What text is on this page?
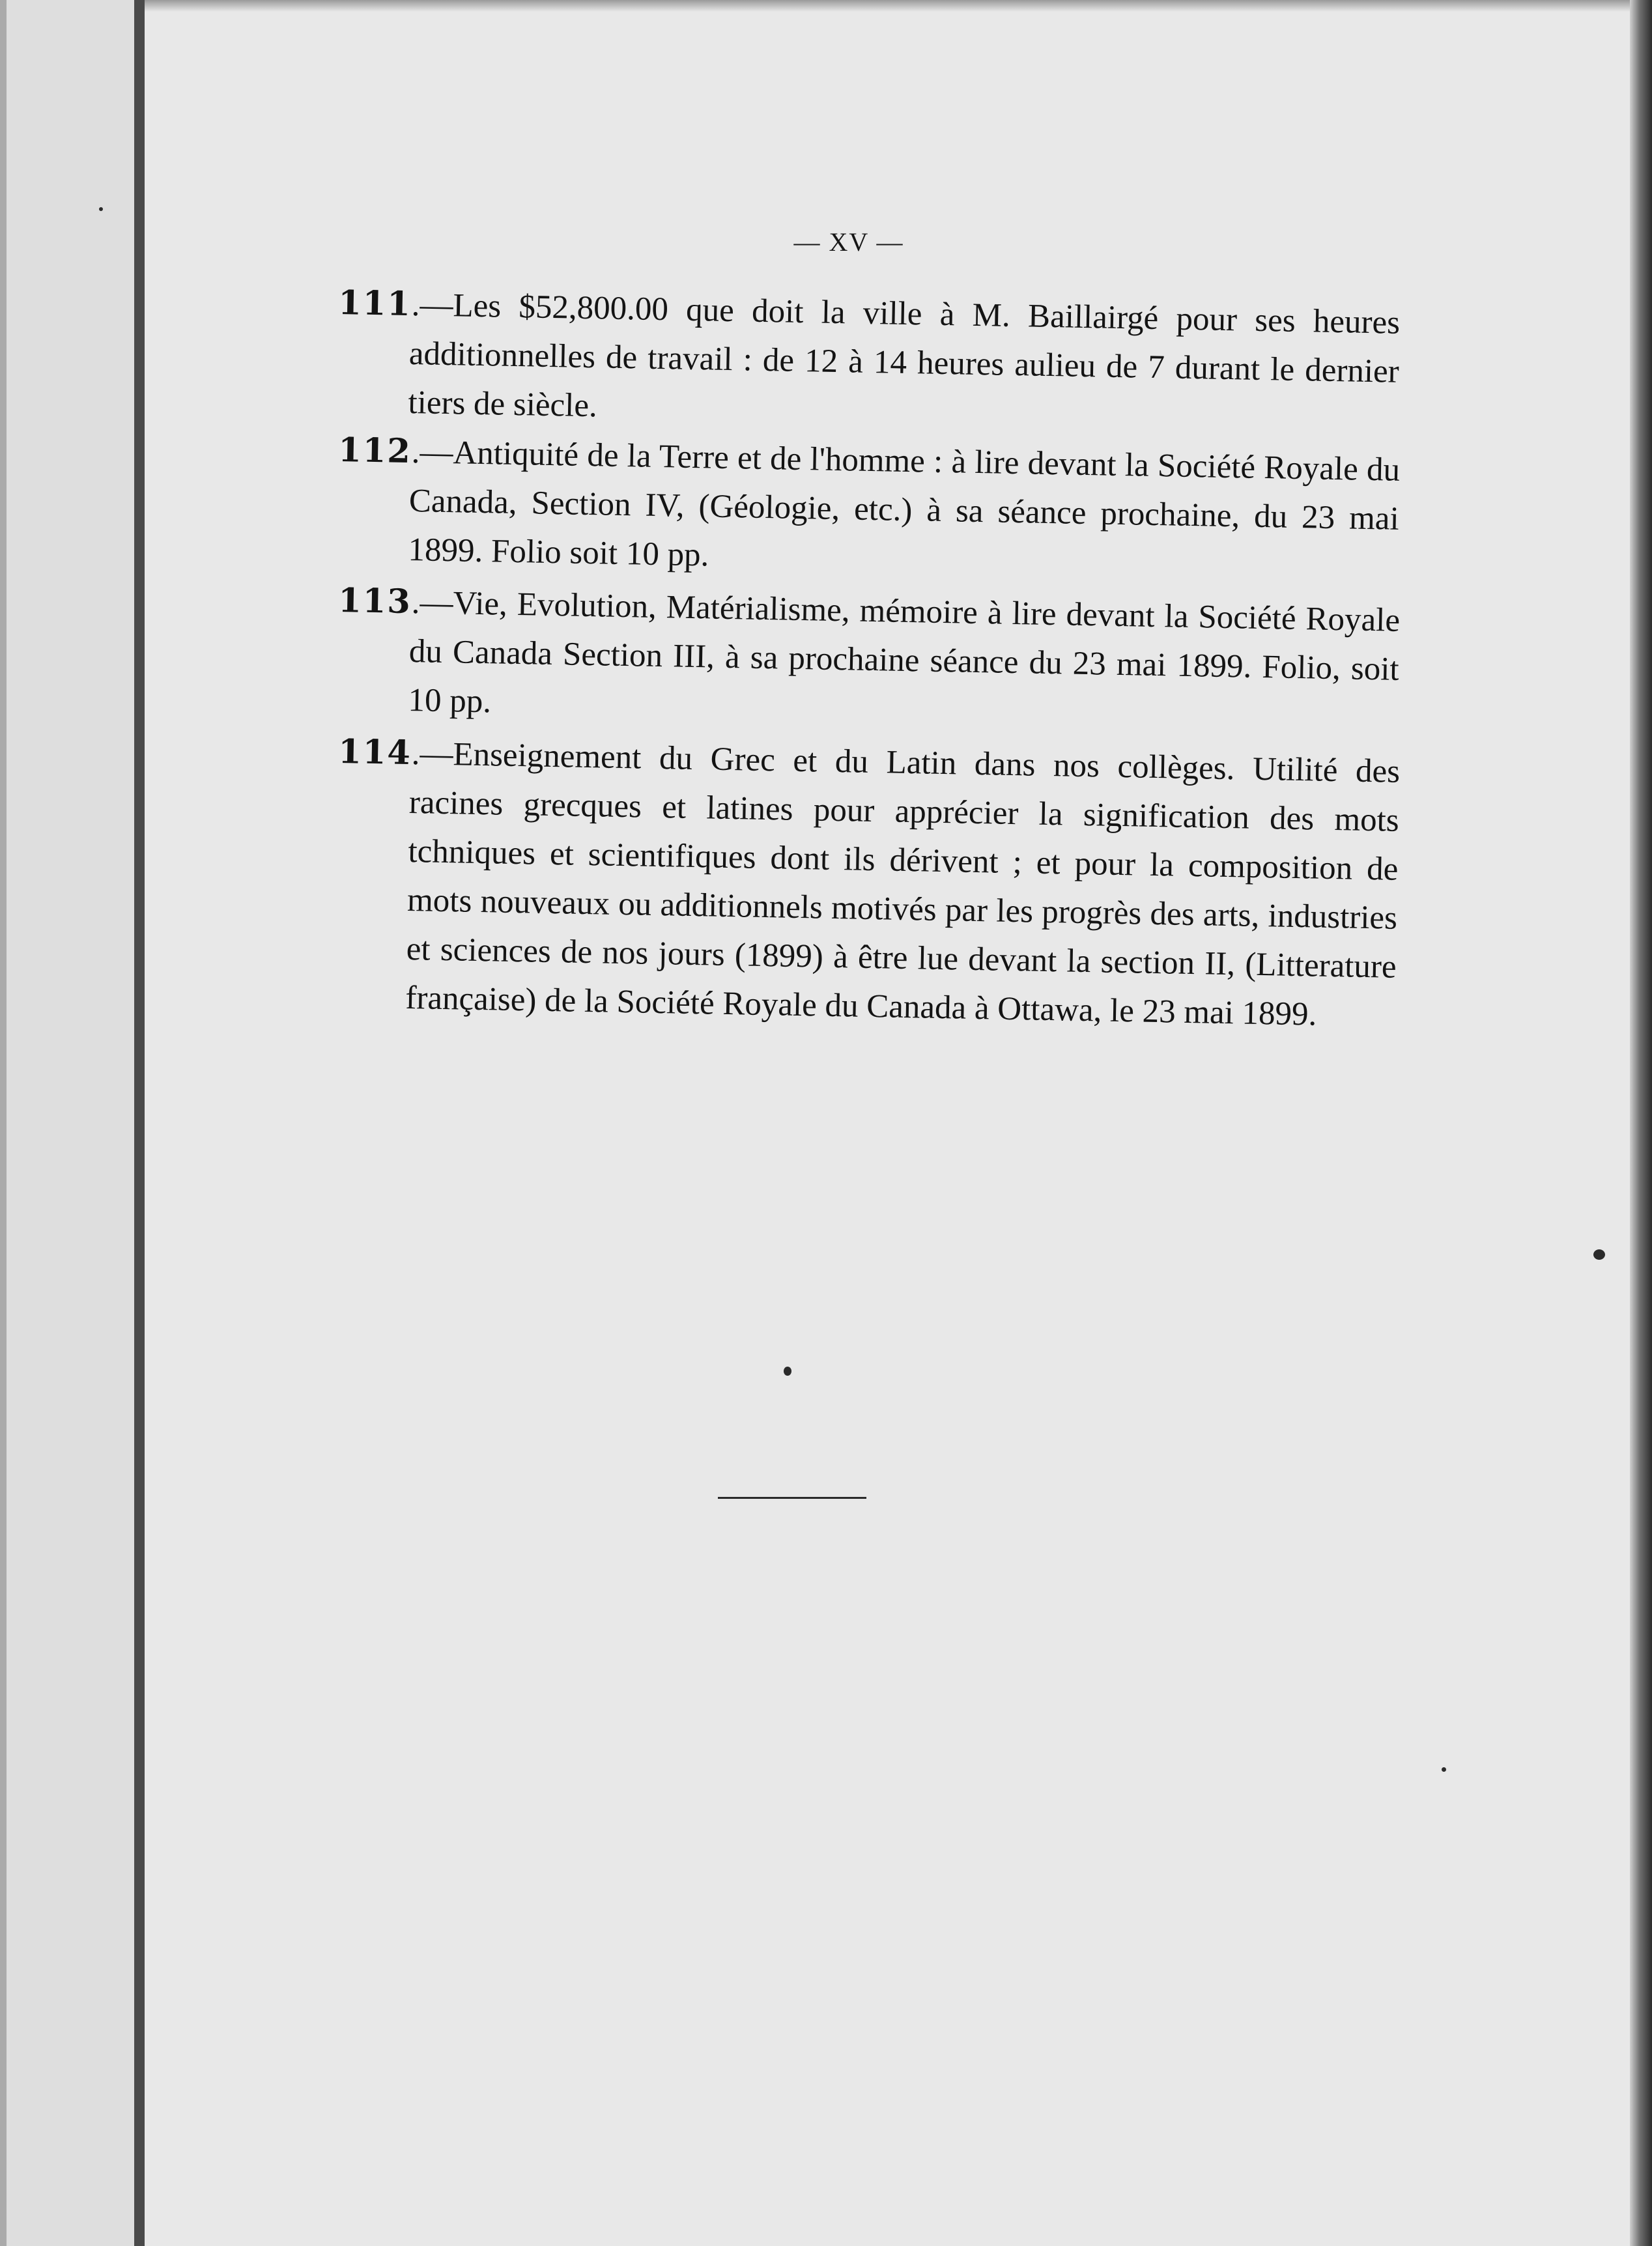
— XV —
111.—Les $52,800.00 que doit la ville à M. Baillairgé pour ses heures additionnelles de travail : de 12 à 14 heures aulieu de 7 durant le dernier tiers de siècle.
112.—Antiquité de la Terre et de l'homme : à lire devant la Société Royale du Canada, Section IV, (Géologie, etc.) à sa séance prochaine, du 23 mai 1899. Folio soit 10 pp.
113.—Vie, Evolution, Matérialisme, mémoire à lire devant la Société Royale du Canada Section III, à sa prochaine séance du 23 mai 1899. Folio, soit 10 pp.
114.—Enseignement du Grec et du Latin dans nos collèges. Utilité des racines grecques et latines pour apprécier la signification des mots tchniques et scientifiques dont ils dérivent ; et pour la composition de mots nouveaux ou additionnels motivés par les progrès des arts, industries et sciences de nos jours (1899) à être lue devant la section II, (Litterature française) de la Société Royale du Canada à Ottawa, le 23 mai 1899.
